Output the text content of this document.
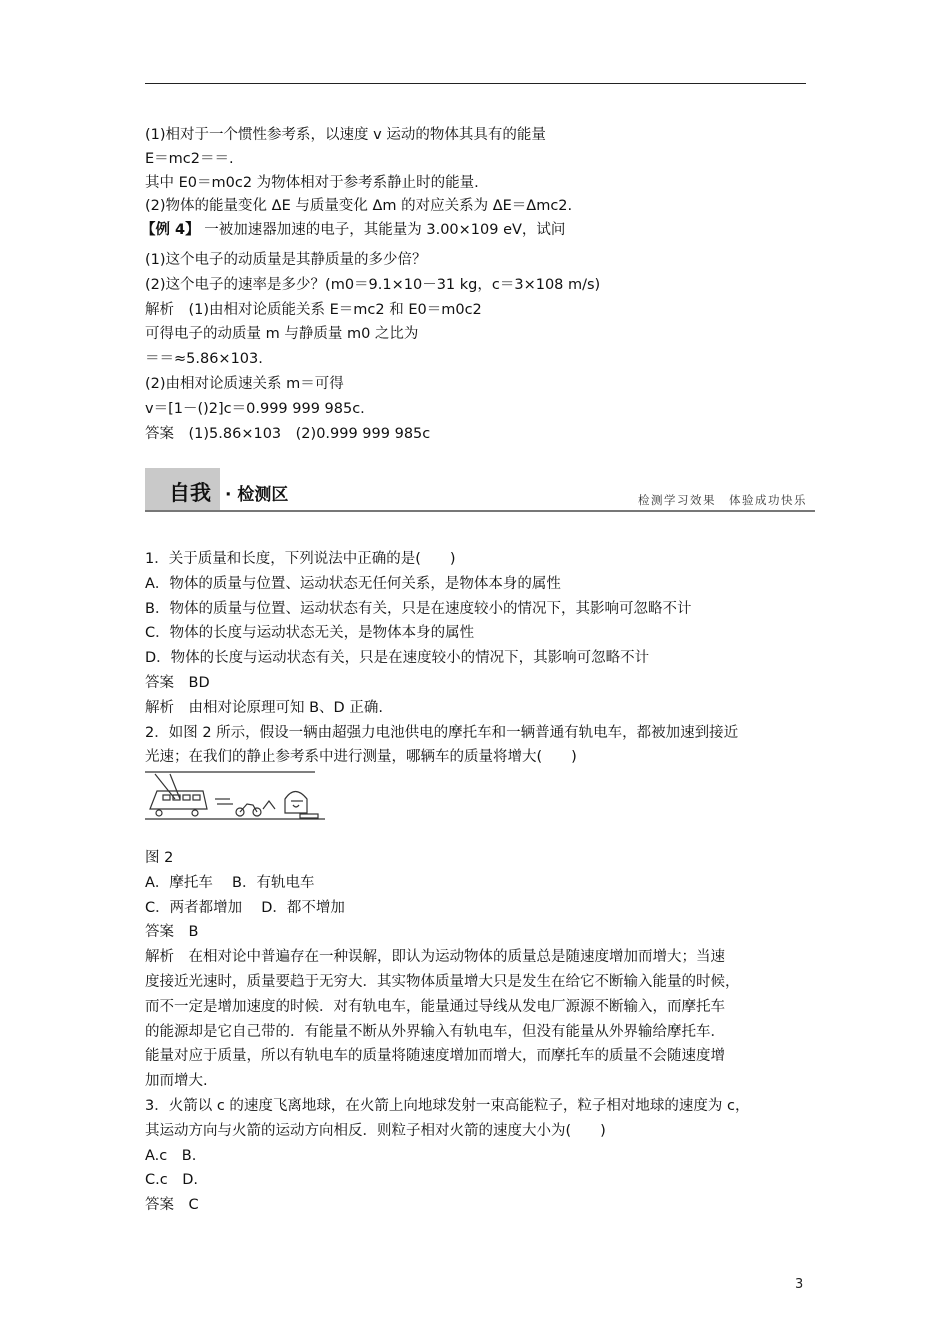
(1)相对于一个惯性参考系，以速度 v 运动的物体其具有的能量
E＝mc2＝＝.
其中 E0＝m0c2 为物体相对于参考系静止时的能量.
(2)物体的能量变化 ΔE 与质量变化 Δm 的对应关系为 ΔE＝Δmc2.
【例 4】 一被加速器加速的电子，其能量为 3.00×109 eV，试问
(1)这个电子的动质量是其静质量的多少倍？
(2)这个电子的速率是多少？(m0＝9.1×10－31 kg，c＝3×108 m/s)
解析　(1)由相对论质能关系 E＝mc2 和 E0＝m0c2
可得电子的动质量 m 与静质量 m0 之比为
＝＝≈5.86×103.
(2)由相对论质速关系 m＝可得
v＝[1－()2]c＝0.999 999 985c.
答案　(1)5.86×103　(2)0.999 999 985c
自我 · 检测区	检测学习效果　体验成功快乐
1．关于质量和长度，下列说法中正确的是(　　)
A．物体的质量与位置、运动状态无任何关系，是物体本身的属性
B．物体的质量与位置、运动状态有关，只是在速度较小的情况下，其影响可忽略不计
C．物体的长度与运动状态无关，是物体本身的属性
D．物体的长度与运动状态有关，只是在速度较小的情况下，其影响可忽略不计
答案　BD
解析　由相对论原理可知 B、D 正确.
2．如图 2 所示，假设一辆由超强力电池供电的摩托车和一辆普通有轨电车，都被加速到接近
光速；在我们的静止参考系中进行测量，哪辆车的质量将增大(　　)
图 2
A．摩托车　 B．有轨电车
C．两者都增加　 D．都不增加
答案　B
解析　在相对论中普遍存在一种误解，即认为运动物体的质量总是随速度增加而增大；当速
度接近光速时，质量要趋于无穷大．其实物体质量增大只是发生在给它不断输入能量的时候，
而不一定是增加速度的时候．对有轨电车，能量通过导线从发电厂源源不断输入，而摩托车
的能源却是它自己带的．有能量不断从外界输入有轨电车，但没有能量从外界输给摩托车．
能量对应于质量，所以有轨电车的质量将随速度增加而增大，而摩托车的质量不会随速度增
加而增大.
3．火箭以 c 的速度飞离地球，在火箭上向地球发射一束高能粒子，粒子相对地球的速度为 c，
其运动方向与火箭的运动方向相反．则粒子相对火箭的速度大小为(　　)
A.c　B.
C.c　D.
答案　C
3
